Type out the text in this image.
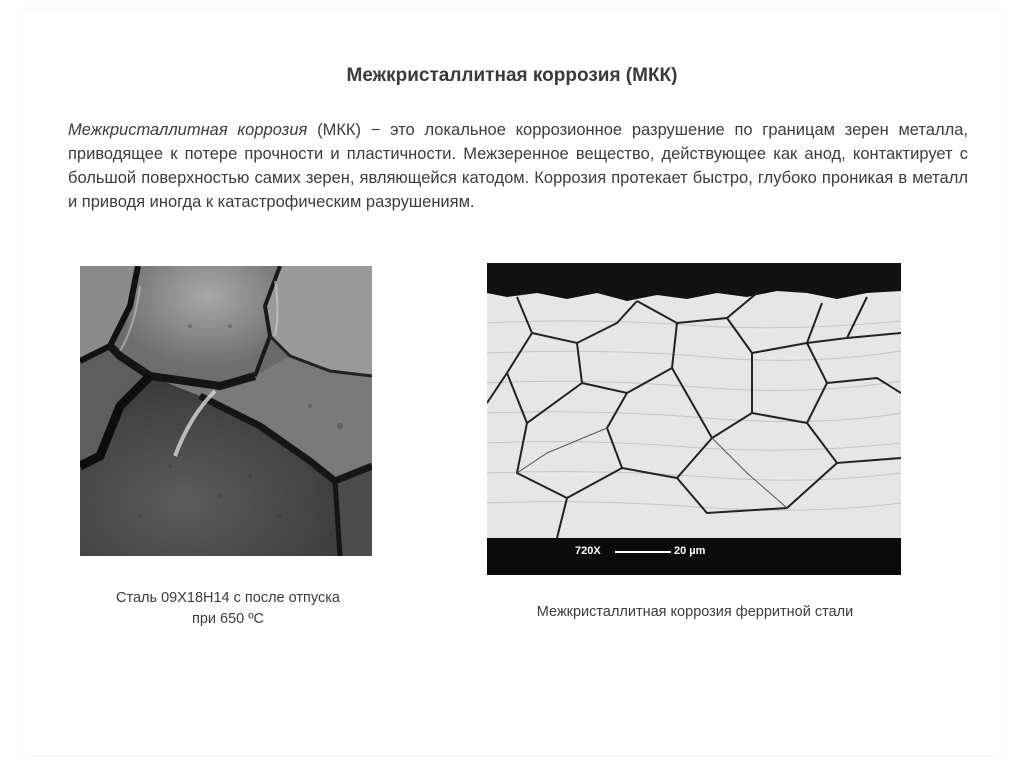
Межкристаллитная коррозия (МКК)
Межкристаллитная коррозия (МКК) − это локальное коррозионное разрушение по границам зерен металла, приводящее к потере прочности и пластичности. Межзеренное вещество, действующее как анод, контактирует с большой поверхностью самих зерен, являющейся катодом. Коррозия протекает быстро, глубоко проникая в металл и приводя иногда к катастрофическим разрушениям.
720X	20 µm
Сталь 09Х18Н14 с после отпуска
при 650 ºС	Межкристаллитная коррозия ферритной стали
